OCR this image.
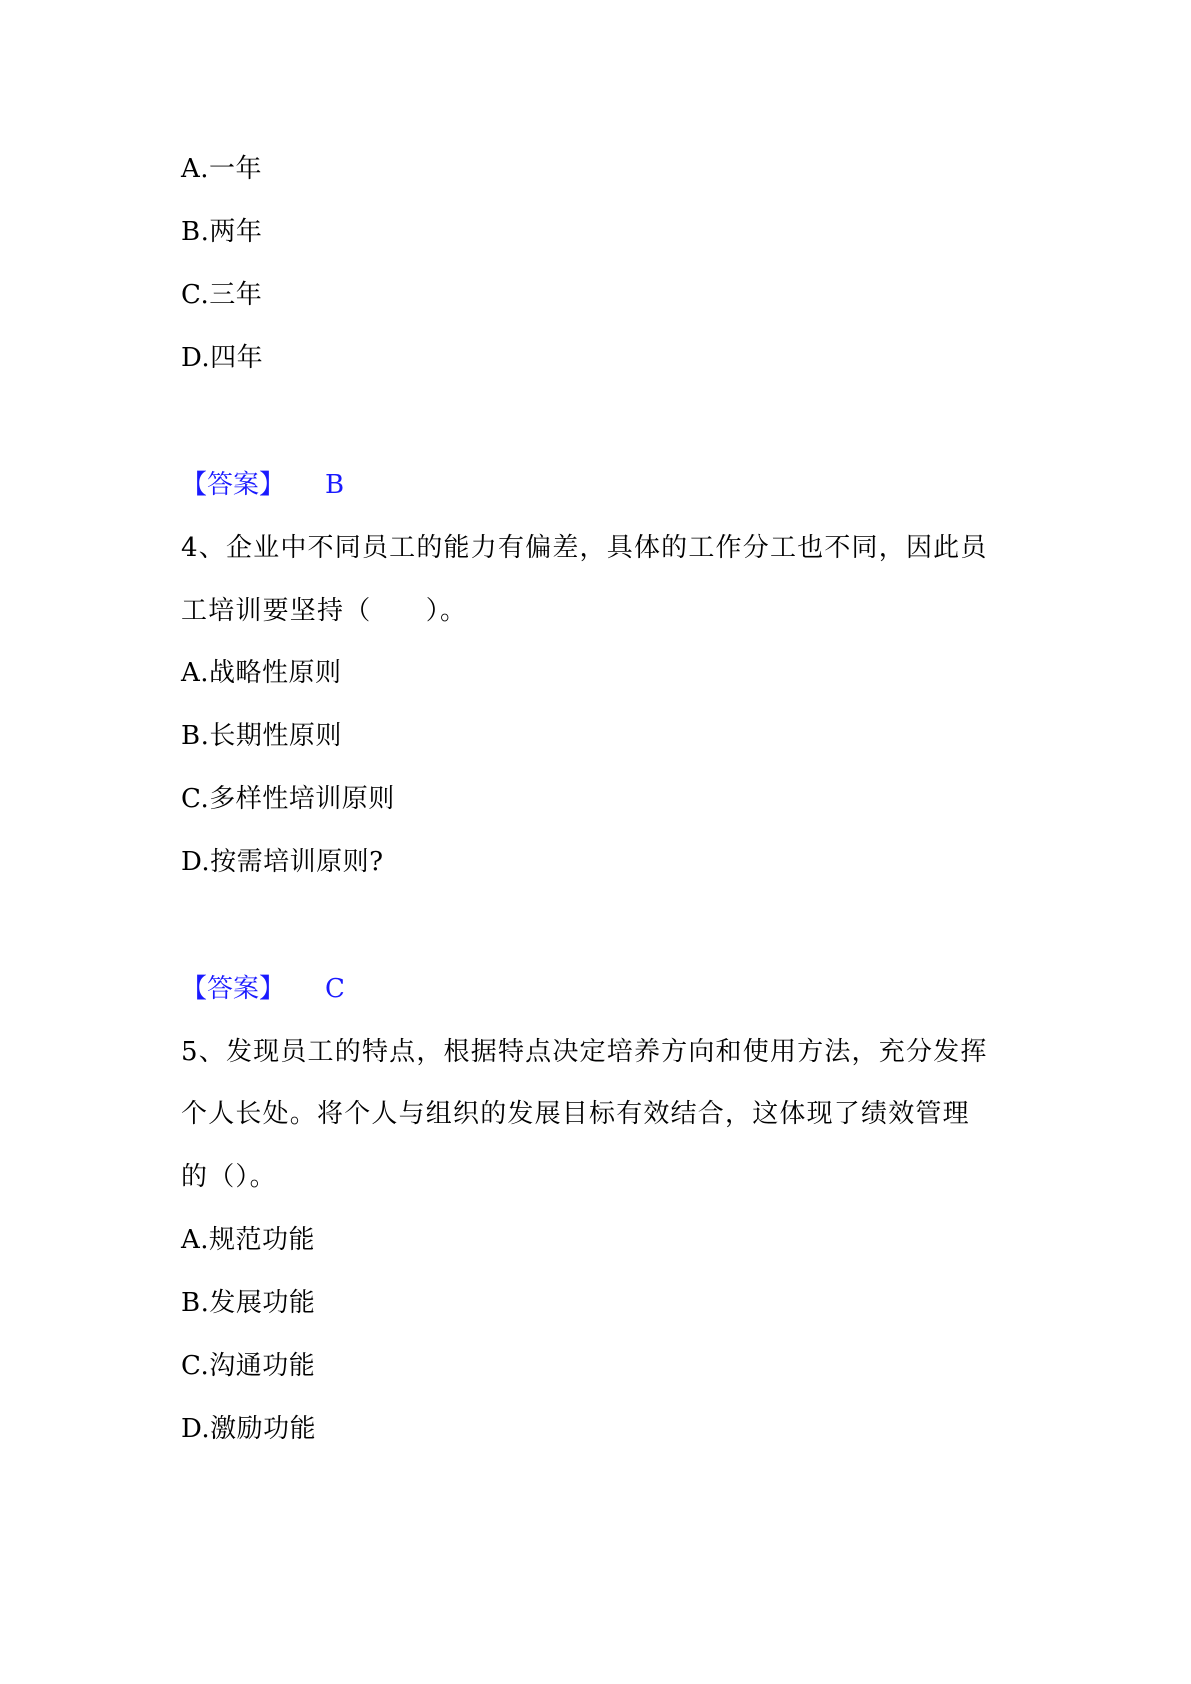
A.一年
B.两年
C.三年
D.四年
【答案】 B
4、企业中不同员工的能力有偏差，具体的工作分工也不同，因此员
工培训要坚持（　　）。
A.战略性原则
B.长期性原则
C.多样性培训原则
D.按需培训原则?
【答案】 C
5、发现员工的特点，根据特点决定培养方向和使用方法，充分发挥
个人长处。将个人与组织的发展目标有效结合，这体现了绩效管理
的（）。
A.规范功能
B.发展功能
C.沟通功能
D.激励功能
